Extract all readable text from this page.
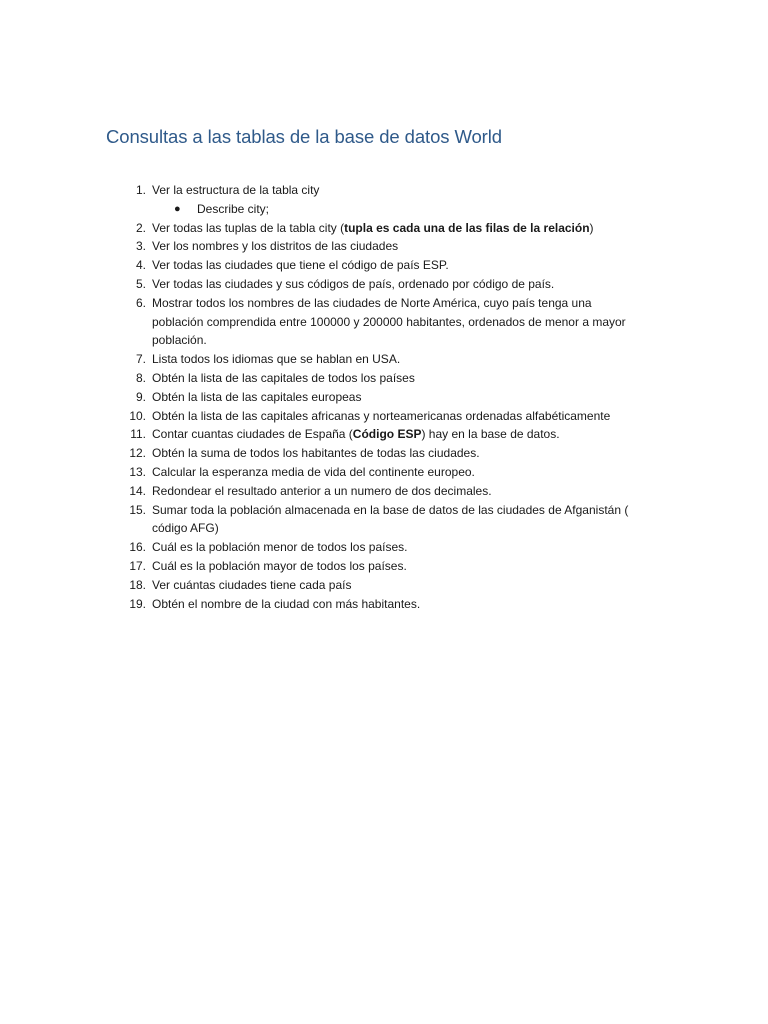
Consultas a las tablas de la base de datos World
1. Ver la estructura de la tabla city
● Describe city;
2. Ver todas las tuplas de la tabla city (tupla es cada una de las filas de la relación)
3. Ver los nombres y los distritos de las ciudades
4. Ver todas las ciudades que tiene el código de país ESP.
5. Ver todas las ciudades y sus códigos de país, ordenado por código de país.
6. Mostrar todos los nombres de las ciudades de Norte América, cuyo país tenga una
población comprendida entre 100000 y 200000 habitantes, ordenados de menor a mayor
población.
7. Lista todos los idiomas que se hablan en USA.
8. Obtén la lista de las capitales de todos los países
9. Obtén la lista de las capitales europeas
10. Obtén la lista de las capitales africanas y norteamericanas ordenadas alfabéticamente
11. Contar cuantas ciudades de España (Código ESP) hay en la base de datos.
12. Obtén la suma de todos los habitantes de todas las ciudades.
13. Calcular la esperanza media de vida del continente europeo.
14. Redondear el resultado anterior a un numero de dos decimales.
15. Sumar toda la población almacenada en la base de datos de las ciudades de Afganistán (
código AFG)
16. Cuál es la población menor de todos los países.
17. Cuál es la población mayor de todos los países.
18. Ver cuántas ciudades tiene cada país
19. Obtén el nombre de la ciudad con más habitantes.
